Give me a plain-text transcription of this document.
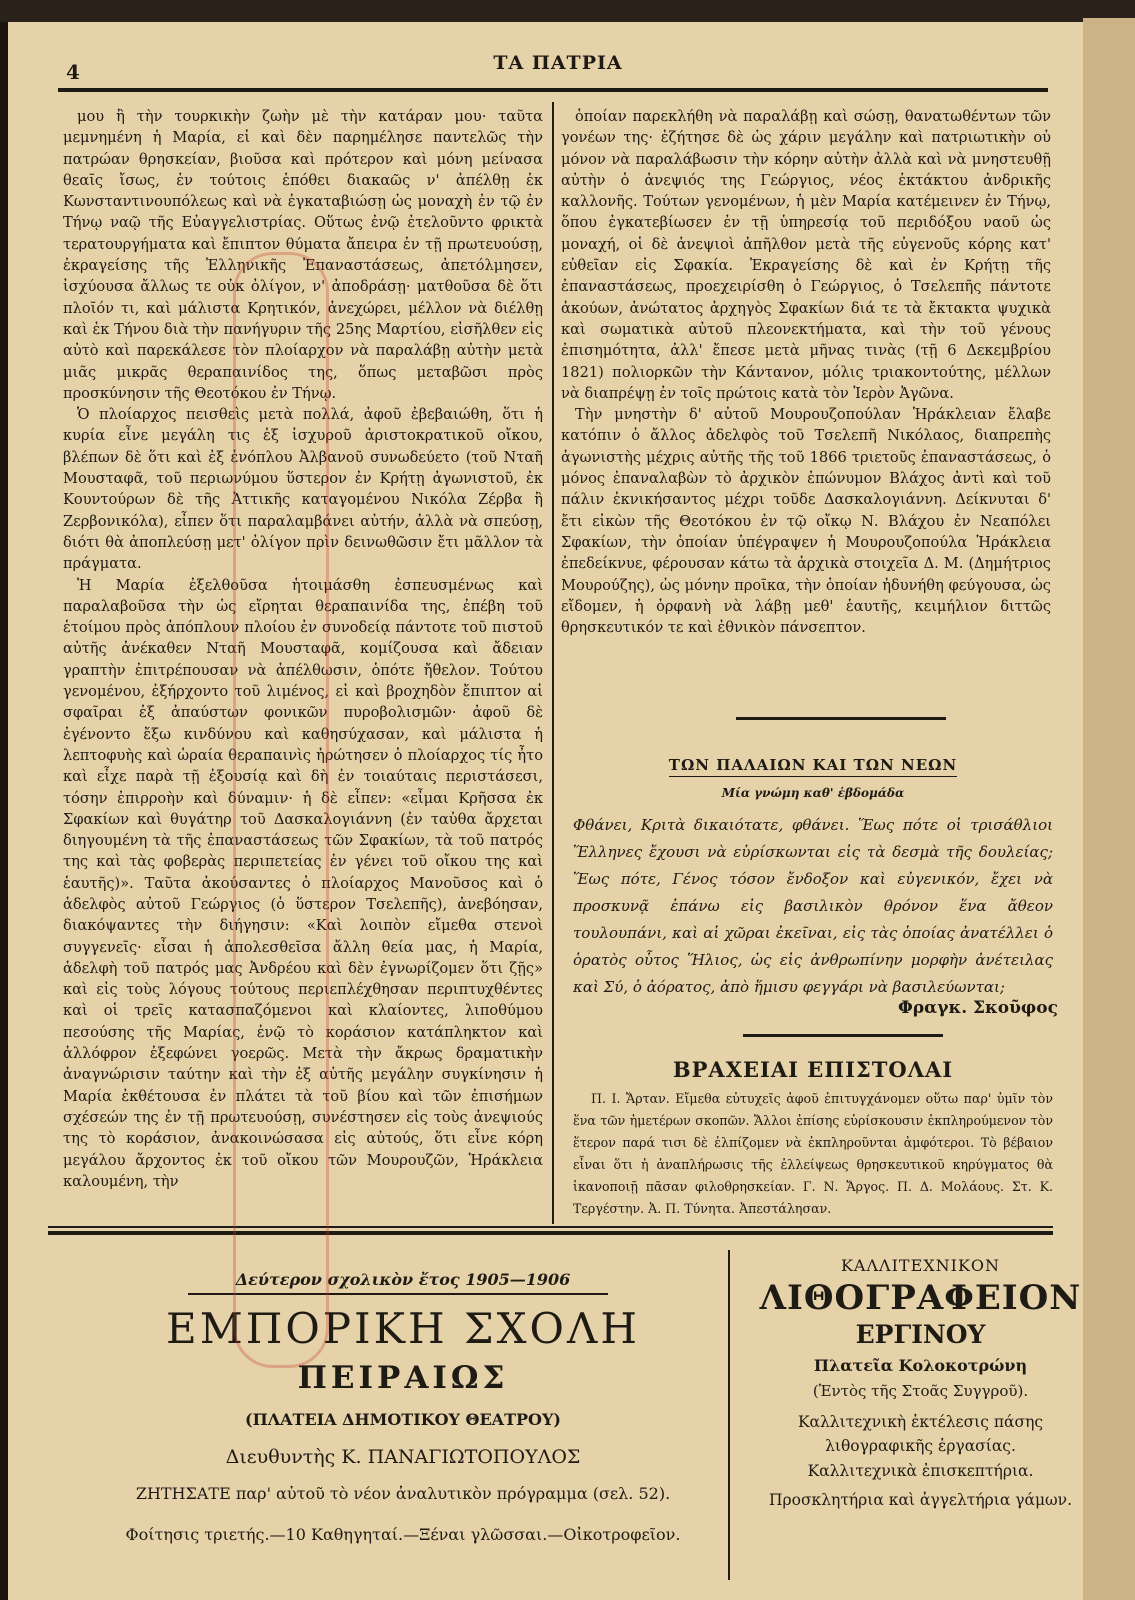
4	ΤΑ ΠΑΤΡΙΑ

μου ἢ τὴν τουρκικὴν ζωὴν μὲ τὴν κατάραν μου· ταῦτα μεμνημένη ἡ Μαρία, εἰ καὶ δὲν παρημέλησε παντελῶς τὴν πατρώαν θρησκείαν, βιοῦσα καὶ πρότερον καὶ μόνη μείνασα θεαῖς ἴσως, ἐν τούτοις ἐπόθει διακαῶς ν' ἀπέλθῃ ἐκ Κωνσταντινουπόλεως καὶ νὰ ἐγκαταβιώσῃ ὡς μοναχὴ ἐν τῷ ἐν Τήνῳ ναῷ τῆς Εὐαγγελιστρίας. Οὕτως ἐνῷ ἐτελοῦντο φρικτὰ τερατουργήματα καὶ ἔπιπτον θύματα ἄπειρα ἐν τῇ πρωτευούσῃ, ἐκραγείσης τῆς Ἑλληνικῆς Ἐπαναστάσεως, ἀπετόλμησεν, ἰσχύουσα ἄλλως τε οὐκ ὀλίγον, ν' ἀποδράσῃ· ματθοῦσα δὲ ὅτι πλοῖόν τι, καὶ μάλιστα Κρητικόν, ἀνεχώρει, μέλλον νὰ διέλθῃ καὶ ἐκ Τήνου διὰ τὴν πανήγυριν τῆς 25ης Μαρτίου, εἰσῆλθεν εἰς αὐτὸ καὶ παρεκάλεσε τὸν πλοίαρχον νὰ παραλάβῃ αὐτὴν μετὰ μιᾶς μικρᾶς θεραπαινίδος της, ὅπως μεταβῶσι πρὸς προσκύνησιν τῆς Θεοτόκου ἐν Τήνῳ.

Ὁ πλοίαρχος πεισθεὶς μετὰ πολλά, ἀφοῦ ἐβεβαιώθη, ὅτι ἡ κυρία εἶνε μεγάλη τις ἐξ ἰσχυροῦ ἀριστοκρατικοῦ οἴκου, βλέπων δὲ ὅτι καὶ ἐξ ἐνόπλου Ἀλβανοῦ συνωδεύετο (τοῦ Νταῆ Μουσταφᾶ, τοῦ περιωνύμου ὕστερον ἐν Κρήτῃ ἀγωνιστοῦ, ἐκ Κουντούρων δὲ τῆς Ἀττικῆς καταγομένου Νικόλα Ζέρβα ἢ Ζερβονικόλα), εἶπεν ὅτι παραλαμβάνει αὐτήν, ἀλλὰ νὰ σπεύσῃ, διότι θὰ ἀποπλεύσῃ μετ' ὀλίγον πρὶν δεινωθῶσιν ἔτι μᾶλλον τὰ πράγματα.

Ἡ Μαρία ἐξελθοῦσα ἡτοιμάσθη ἐσπευσμένως καὶ παραλαβοῦσα τὴν ὡς εἴρηται θεραπαινίδα της, ἐπέβη τοῦ ἑτοίμου πρὸς ἀπόπλουν πλοίου ἐν συνοδείᾳ πάντοτε τοῦ πιστοῦ αὐτῆς ἀνέκαθεν Νταῆ Μουσταφᾶ, κομίζουσα καὶ ἄδειαν γραπτὴν ἐπιτρέπουσαν νὰ ἀπέλθωσιν, ὁπότε ἤθελον. Τούτου γενομένου, ἐξήρχοντο τοῦ λιμένος, εἰ καὶ βροχηδὸν ἔπιπτον αἱ σφαῖραι ἐξ ἀπαύστων φονικῶν πυροβολισμῶν· ἀφοῦ δὲ ἐγένοντο ἔξω κινδύνου καὶ καθησύχασαν, καὶ μάλιστα ἡ λεπτοφυὴς καὶ ὡραία θεραπαινὶς ἠρώτησεν ὁ πλοίαρχος τίς ἦτο καὶ εἶχε παρὰ τῇ ἐξουσίᾳ καὶ δὴ ἐν τοιαύταις περιστάσεσι, τόσην ἐπιρροὴν καὶ δύναμιν· ἡ δὲ εἶπεν: «εἶμαι Κρῆσσα ἐκ Σφακίων καὶ θυγάτηρ τοῦ Δασκαλογιάννη (ἐν ταὐθα ἄρχεται διηγουμένη τὰ τῆς ἐπαναστάσεως τῶν Σφακίων, τὰ τοῦ πατρός της καὶ τὰς φοβερὰς περιπετείας ἐν γένει τοῦ οἴκου της καὶ ἑαυτῆς)». Ταῦτα ἀκούσαντες ὁ πλοίαρχος Μανοῦσος καὶ ὁ ἀδελφὸς αὐτοῦ Γεώργιος (ὁ ὕστερον Τσελεπῆς), ἀνεβόησαν, διακόψαντες τὴν διήγησιν: «Καὶ λοιπὸν εἴμεθα στενοὶ συγγενεῖς· εἶσαι ἡ ἀπολεσθεῖσα ἄλλη θεία μας, ἡ Μαρία, ἀδελφὴ τοῦ πατρός μας Ἀνδρέου καὶ δὲν ἐγνωρίζομεν ὅτι ζῇς» καὶ εἰς τοὺς λόγους τούτους περιεπλέχθησαν περιπτυχθέντες καὶ οἱ τρεῖς κατασπαζόμενοι καὶ κλαίοντες, λιποθύμου πεσούσης τῆς Μαρίας, ἐνῷ τὸ κοράσιον κατάπληκτον καὶ ἀλλόφρον ἐξεφώνει γοερῶς. Μετὰ τὴν ἄκρως δραματικὴν ἀναγνώρισιν ταύτην καὶ τὴν ἐξ αὐτῆς μεγάλην συγκίνησιν ἡ Μαρία ἐκθέτουσα ἐν πλάτει τὰ τοῦ βίου καὶ τῶν ἐπισήμων σχέσεών της ἐν τῇ πρωτευούσῃ, συνέστησεν εἰς τοὺς ἀνεψιούς της τὸ κοράσιον, ἀνακοινώσασα εἰς αὐτούς, ὅτι εἶνε κόρη μεγάλου ἄρχοντος ἐκ τοῦ οἴκου τῶν Μουρουζῶν, Ἡράκλεια καλουμένη, τὴν

ὁποίαν παρεκλήθη νὰ παραλάβῃ καὶ σώσῃ, θανατωθέντων τῶν γονέων της· ἐζήτησε δὲ ὡς χάριν μεγάλην καὶ πατριωτικὴν οὐ μόνον νὰ παραλάβωσιν τὴν κόρην αὐτὴν ἀλλὰ καὶ νὰ μνηστευθῇ αὐτὴν ὁ ἀνεψιός της Γεώργιος, νέος ἐκτάκτου ἀνδρικῆς καλλονῆς. Τούτων γενομένων, ἡ μὲν Μαρία κατέμεινεν ἐν Τήνῳ, ὅπου ἐγκατεβίωσεν ἐν τῇ ὑπηρεσίᾳ τοῦ περιδόξου ναοῦ ὡς μοναχή, οἱ δὲ ἀνεψιοὶ ἀπῆλθον μετὰ τῆς εὐγενοῦς κόρης κατ' εὐθεῖαν εἰς Σφακία. Ἐκραγείσης δὲ καὶ ἐν Κρήτῃ τῆς ἐπαναστάσεως, προεχειρίσθη ὁ Γεώργιος, ὁ Τσελεπῆς πάντοτε ἀκούων, ἀνώτατος ἀρχηγὸς Σφακίων διά τε τὰ ἔκτακτα ψυχικὰ καὶ σωματικὰ αὐτοῦ πλεονεκτήματα, καὶ τὴν τοῦ γένους ἐπισημότητα, ἀλλ' ἔπεσε μετὰ μῆνας τινὰς (τῇ 6 Δεκεμβρίου 1821) πολιορκῶν τὴν Κάντανον, μόλις τριακοντούτης, μέλλων νὰ διαπρέψῃ ἐν τοῖς πρώτοις κατὰ τὸν Ἱερὸν Ἀγῶνα.

Τὴν μνηστὴν δ' αὐτοῦ Μουρουζοπούλαν Ἡράκλειαν ἔλαβε κατόπιν ὁ ἄλλος ἀδελφὸς τοῦ Τσελεπῆ Νικόλαος, διαπρεπὴς ἀγωνιστὴς μέχρις αὐτῆς τῆς τοῦ 1866 τριετοῦς ἐπαναστάσεως, ὁ μόνος ἐπαναλαβὼν τὸ ἀρχικὸν ἐπώνυμον Βλάχος ἀντὶ καὶ τοῦ πάλιν ἐκνικήσαντος μέχρι τοῦδε Δασκαλογιάννη. Δείκνυται δ' ἔτι εἰκὼν τῆς Θεοτόκου ἐν τῷ οἴκῳ Ν. Βλάχου ἐν Νεαπόλει Σφακίων, τὴν ὁποίαν ὑπέγραψεν ἡ Μουρουζοπούλα Ἡράκλεια ἐπεδείκνυε, φέρουσαν κάτω τὰ ἀρχικὰ στοιχεῖα Δ. Μ. (Δημήτριος Μουρούζης), ὡς μόνην προῖκα, τὴν ὁποίαν ἠδυνήθη φεύγουσα, ὡς εἴδομεν, ἡ ὀρφανὴ νὰ λάβῃ μεθ' ἑαυτῆς, κειμήλιον διττῶς θρησκευτικόν τε καὶ ἐθνικὸν πάνσεπτον.

ΤΩΝ ΠΑΛΑΙΩΝ ΚΑΙ ΤΩΝ ΝΕΩΝ
Μία γνώμη καθ' ἑβδομάδα
Φθάνει, Κριτὰ δικαιότατε, φθάνει. Ἕως πότε οἱ τρισάθλιοι Ἕλληνες ἔχουσι νὰ εὑρίσκωνται εἰς τὰ δεσμὰ τῆς δουλείας; Ἕως πότε, Γένος τόσον ἔνδοξον καὶ εὐγενικόν, ἔχει νὰ προσκυνᾷ ἐπάνω εἰς βασιλικὸν θρόνον ἕνα ἄθεον τουλουπάνι, καὶ αἱ χῶραι ἐκεῖναι, εἰς τὰς ὁποίας ἀνατέλλει ὁ ὁρατὸς οὗτος Ἥλιος, ὡς εἰς ἀνθρωπίνην μορφὴν ἀνέτειλας καὶ Σύ, ὁ ἀόρατος, ἀπὸ ἥμισυ φεγγάρι νὰ βασιλεύωνται;
Φραγκ. Σκοῦφος
ΒΡΑΧΕΙΑΙ ΕΠΙΣΤΟΛΑΙ
Π. Ι. Ἄρταν. Εἴμεθα εὐτυχεῖς ἀφοῦ ἐπιτυγχάνομεν οὕτω παρ' ὑμῖν τὸν ἕνα τῶν ἡμετέρων σκοπῶν. Ἄλλοι ἐπίσης εὑρίσκουσιν ἐκπληρούμενον τὸν ἕτερον παρά τισι δὲ ἐλπίζομεν νὰ ἐκπληροῦνται ἀμφότεροι. Τὸ βέβαιον εἶναι ὅτι ἡ ἀναπλήρωσις τῆς ἐλλείψεως θρησκευτικοῦ κηρύγματος θὰ ἱκανοποιῇ πᾶσαν φιλοθρησκείαν. Γ. Ν. Ἄργος. Π. Δ. Μολάους. Στ. Κ. Τεργέστην. Ἀ. Π. Τύνητα. Ἀπεστάλησαν.
Δεύτερον σχολικὸν ἔτος 1905—1906
ΕΜΠΟΡΙΚΗ ΣΧΟΛΗ
ΠΕΙΡΑΙΩΣ
(ΠΛΑΤΕΙΑ ΔΗΜΟΤΙΚΟΥ ΘΕΑΤΡΟΥ)
Διευθυντὴς Κ. ΠΑΝΑΓΙΩΤΟΠΟΥΛΟΣ
ΖΗΤΗΣΑΤΕ παρ' αὐτοῦ τὸ νέον ἀναλυτικὸν πρόγραμμα (σελ. 52).
Φοίτησις τριετής.—10 Καθηγηταί.—Ξέναι γλῶσσαι.—Οἰκοτροφεῖον.
ΚΑΛΛΙΤΕΧΝΙΚΟΝ
ΛΙΘΟΓΡΑΦΕΙΟΝ
ΕΡΓΙΝΟΥ
Πλατεῖα Κολοκοτρώνη
(Ἐντὸς τῆς Στοᾶς Συγγροῦ).
Καλλιτεχνικὴ ἐκτέλεσις πάσης λιθογραφικῆς ἐργασίας.
Καλλιτεχνικὰ ἐπισκεπτήρια.
Προσκλητήρια καὶ ἀγγελτήρια γάμων.
